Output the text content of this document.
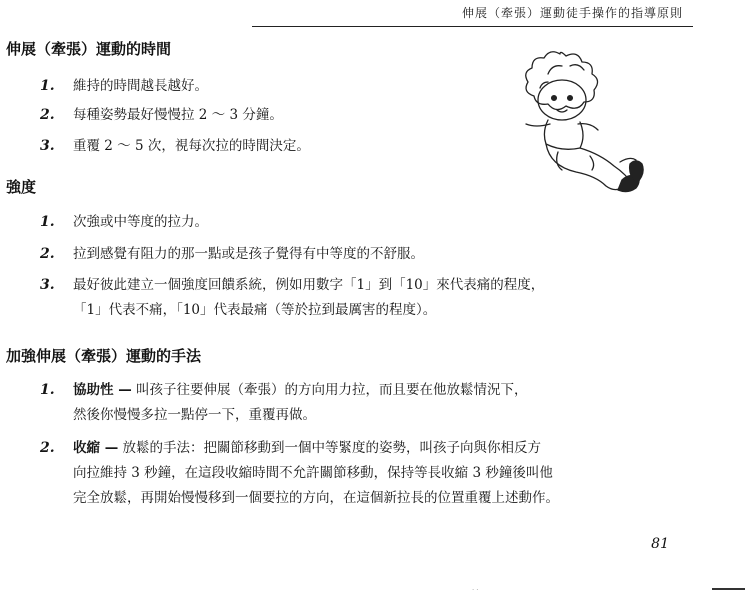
伸展（牽張）運動徒手操作的指導原則
伸展（牽張）運動的時間
1. 維持的時間越長越好。
2. 每種姿勢最好慢慢拉 2 ～ 3 分鐘。
3. 重覆 2 ～ 5 次，視每次拉的時間決定。
強度
1. 次強或中等度的拉力。
2. 拉到感覺有阻力的那一點或是孩子覺得有中等度的不舒服。
3. 最好彼此建立一個強度回饋系統，例如用數字「1」到「10」來代表痛的程度，
「1」代表不痛，「10」代表最痛（等於拉到最厲害的程度）。
加強伸展（牽張）運動的手法
1. 協助性 — 叫孩子往要伸展（牽張）的方向用力拉，而且要在他放鬆情況下，
然後你慢慢多拉一點停一下，重覆再做。
2. 收縮 — 放鬆的手法：把關節移動到一個中等緊度的姿勢，叫孩子向與你相反方
向拉維持 3 秒鐘，在這段收縮時間不允許關節移動，保持等長收縮 3 秒鐘後叫他
完全放鬆，再開始慢慢移到一個要拉的方向，在這個新拉長的位置重覆上述動作。
81
··
